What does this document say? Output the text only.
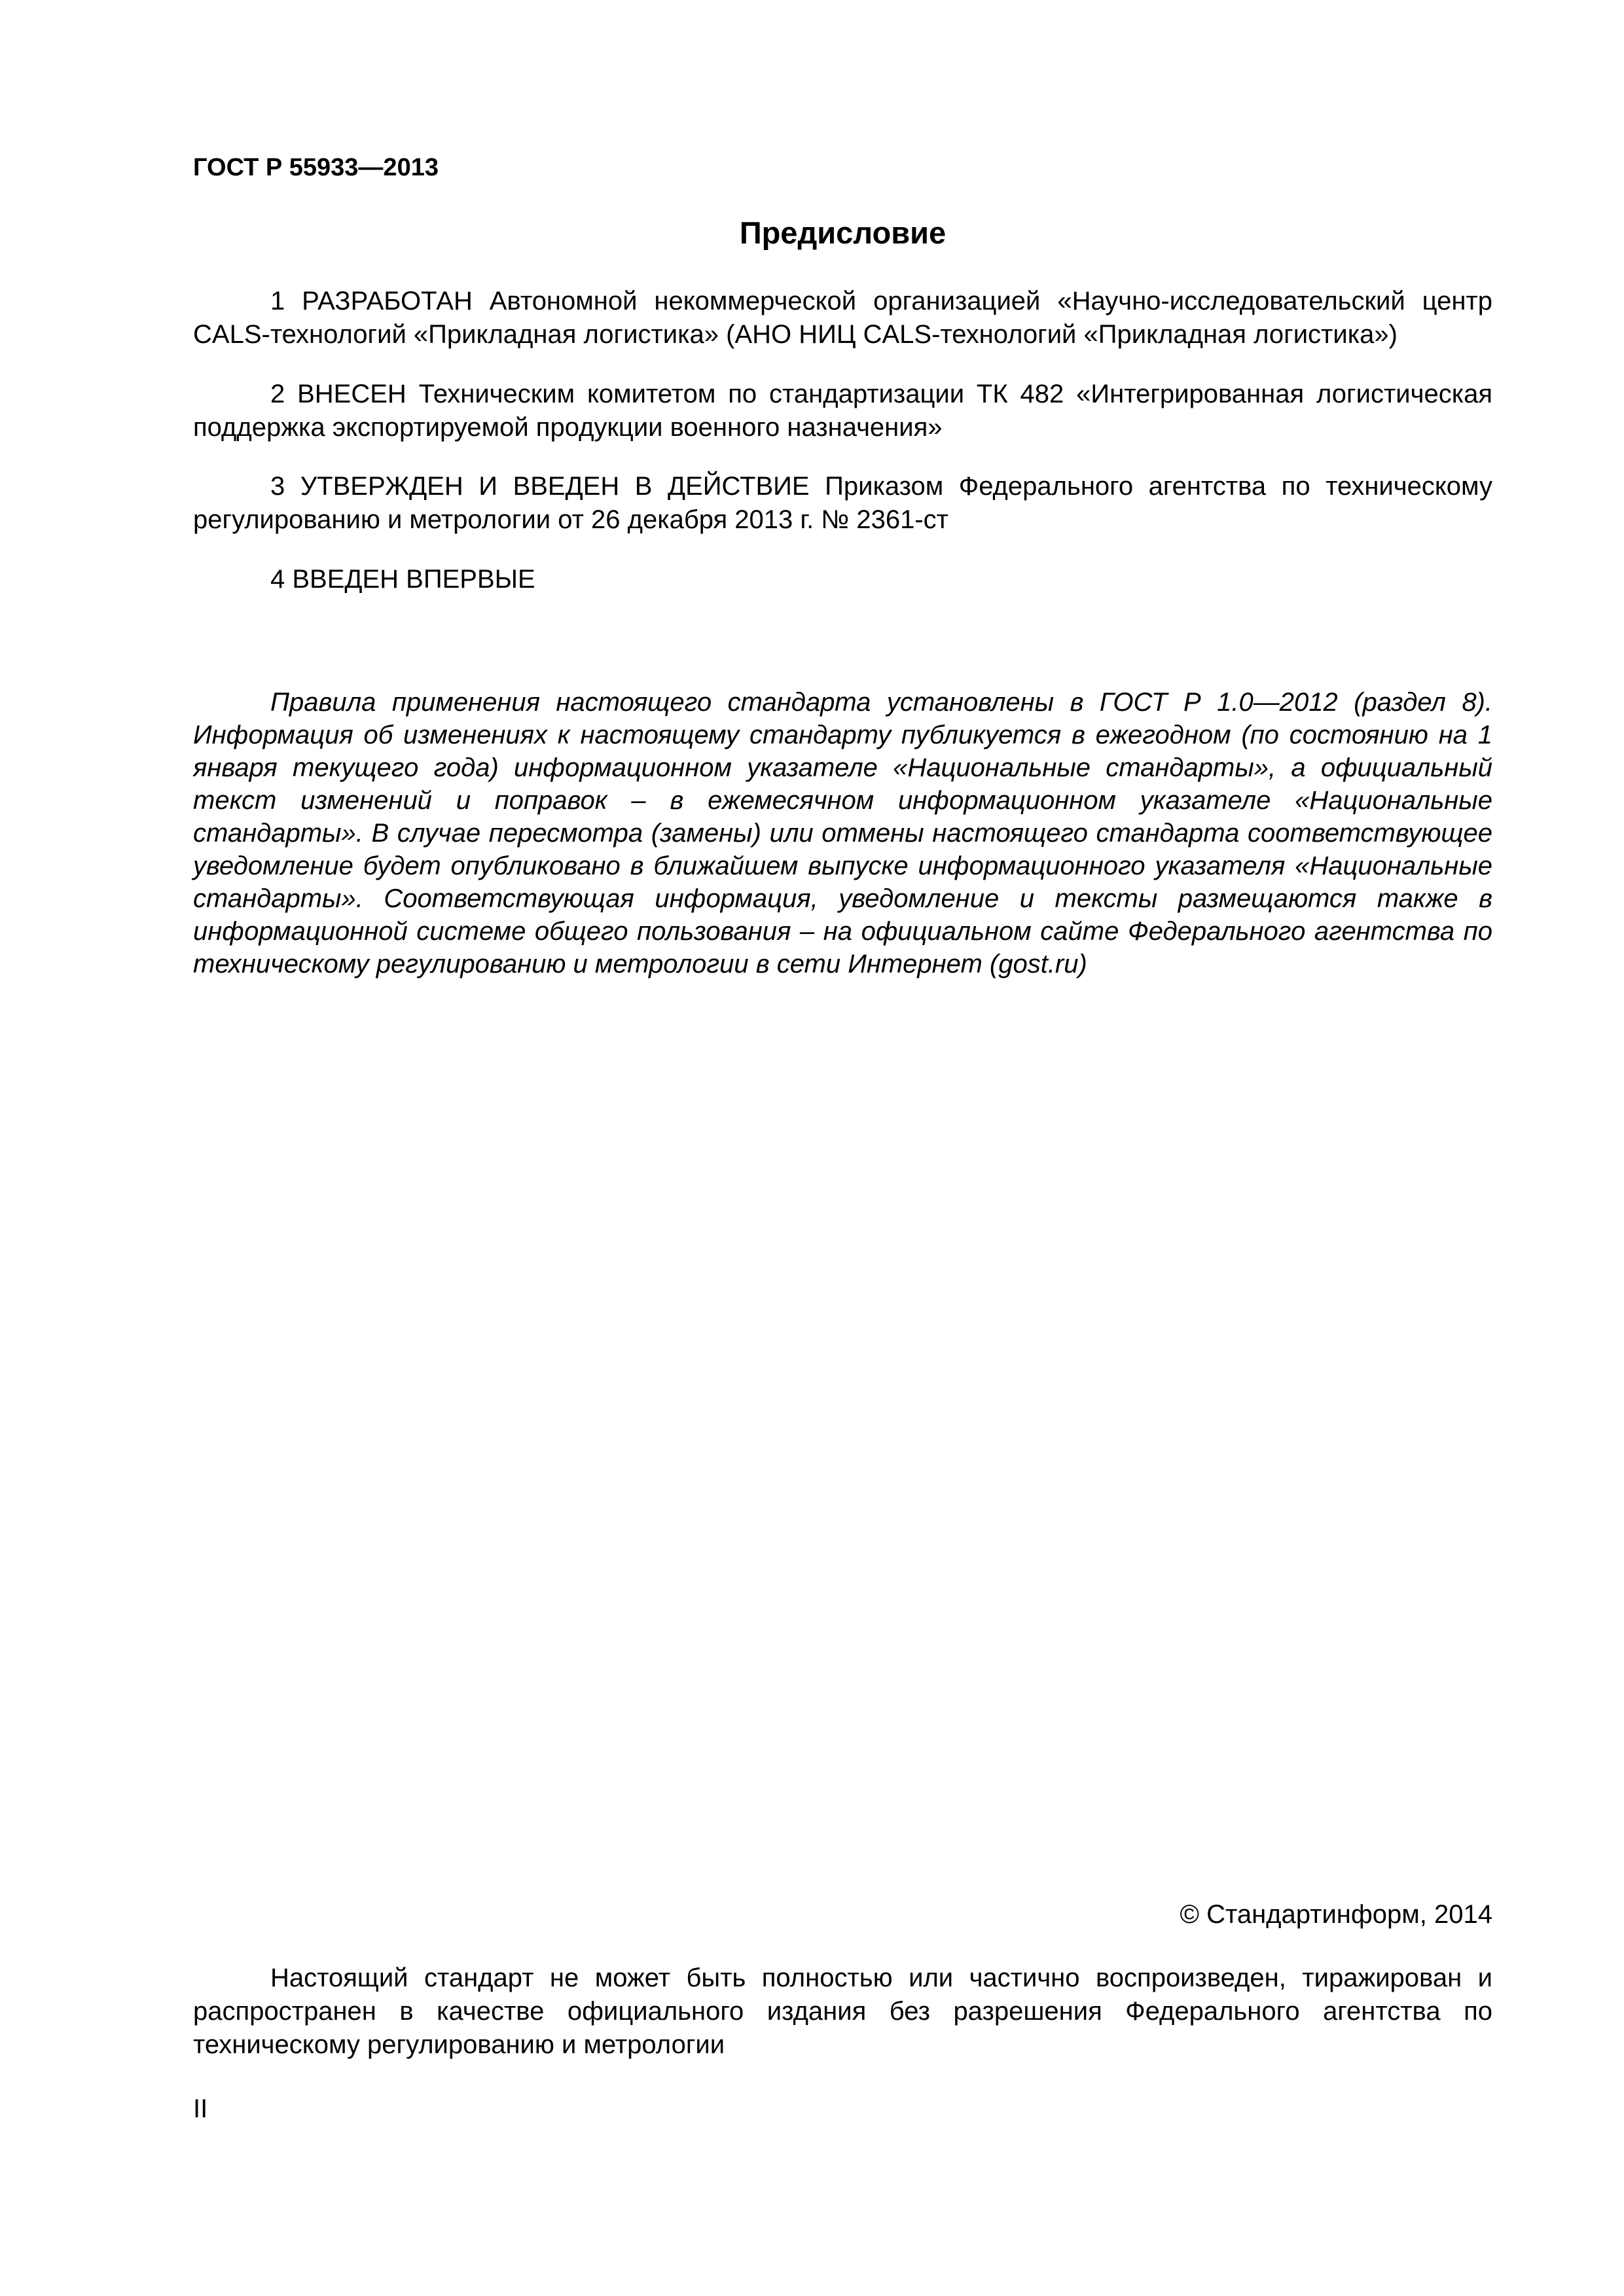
ГОСТ Р 55933—2013
Предисловие
1 РАЗРАБОТАН Автономной некоммерческой организацией «Научно-исследовательский центр CALS-технологий «Прикладная логистика» (АНО НИЦ CALS-технологий «Прикладная логистика»)
2 ВНЕСЕН Техническим комитетом по стандартизации ТК 482 «Интегрированная логистическая поддержка экспортируемой продукции военного назначения»
3 УТВЕРЖДЕН И ВВЕДЕН В ДЕЙСТВИЕ Приказом Федерального агентства по техническому регулированию и метрологии от 26 декабря 2013 г. № 2361-ст
4 ВВЕДЕН ВПЕРВЫЕ
Правила применения настоящего стандарта установлены в ГОСТ Р 1.0—2012 (раздел 8). Информация об изменениях к настоящему стандарту публикуется в ежегодном (по состоянию на 1 января текущего года) информационном указателе «Национальные стандарты», а официальный текст изменений и поправок – в ежемесячном информационном указателе «Национальные стандарты». В случае пересмотра (замены) или отмены настоящего стандарта соответствующее уведомление будет опубликовано в ближайшем выпуске информационного указателя «Национальные стандарты». Соответствующая информация, уведомление и тексты размещаются также в информационной системе общего пользования – на официальном сайте Федерального агентства по техническому регулированию и метрологии в сети Интернет (gost.ru)
© Стандартинформ, 2014
Настоящий стандарт не может быть полностью или частично воспроизведен, тиражирован и распространен в качестве официального издания без разрешения Федерального агентства по техническому регулированию и метрологии
II
